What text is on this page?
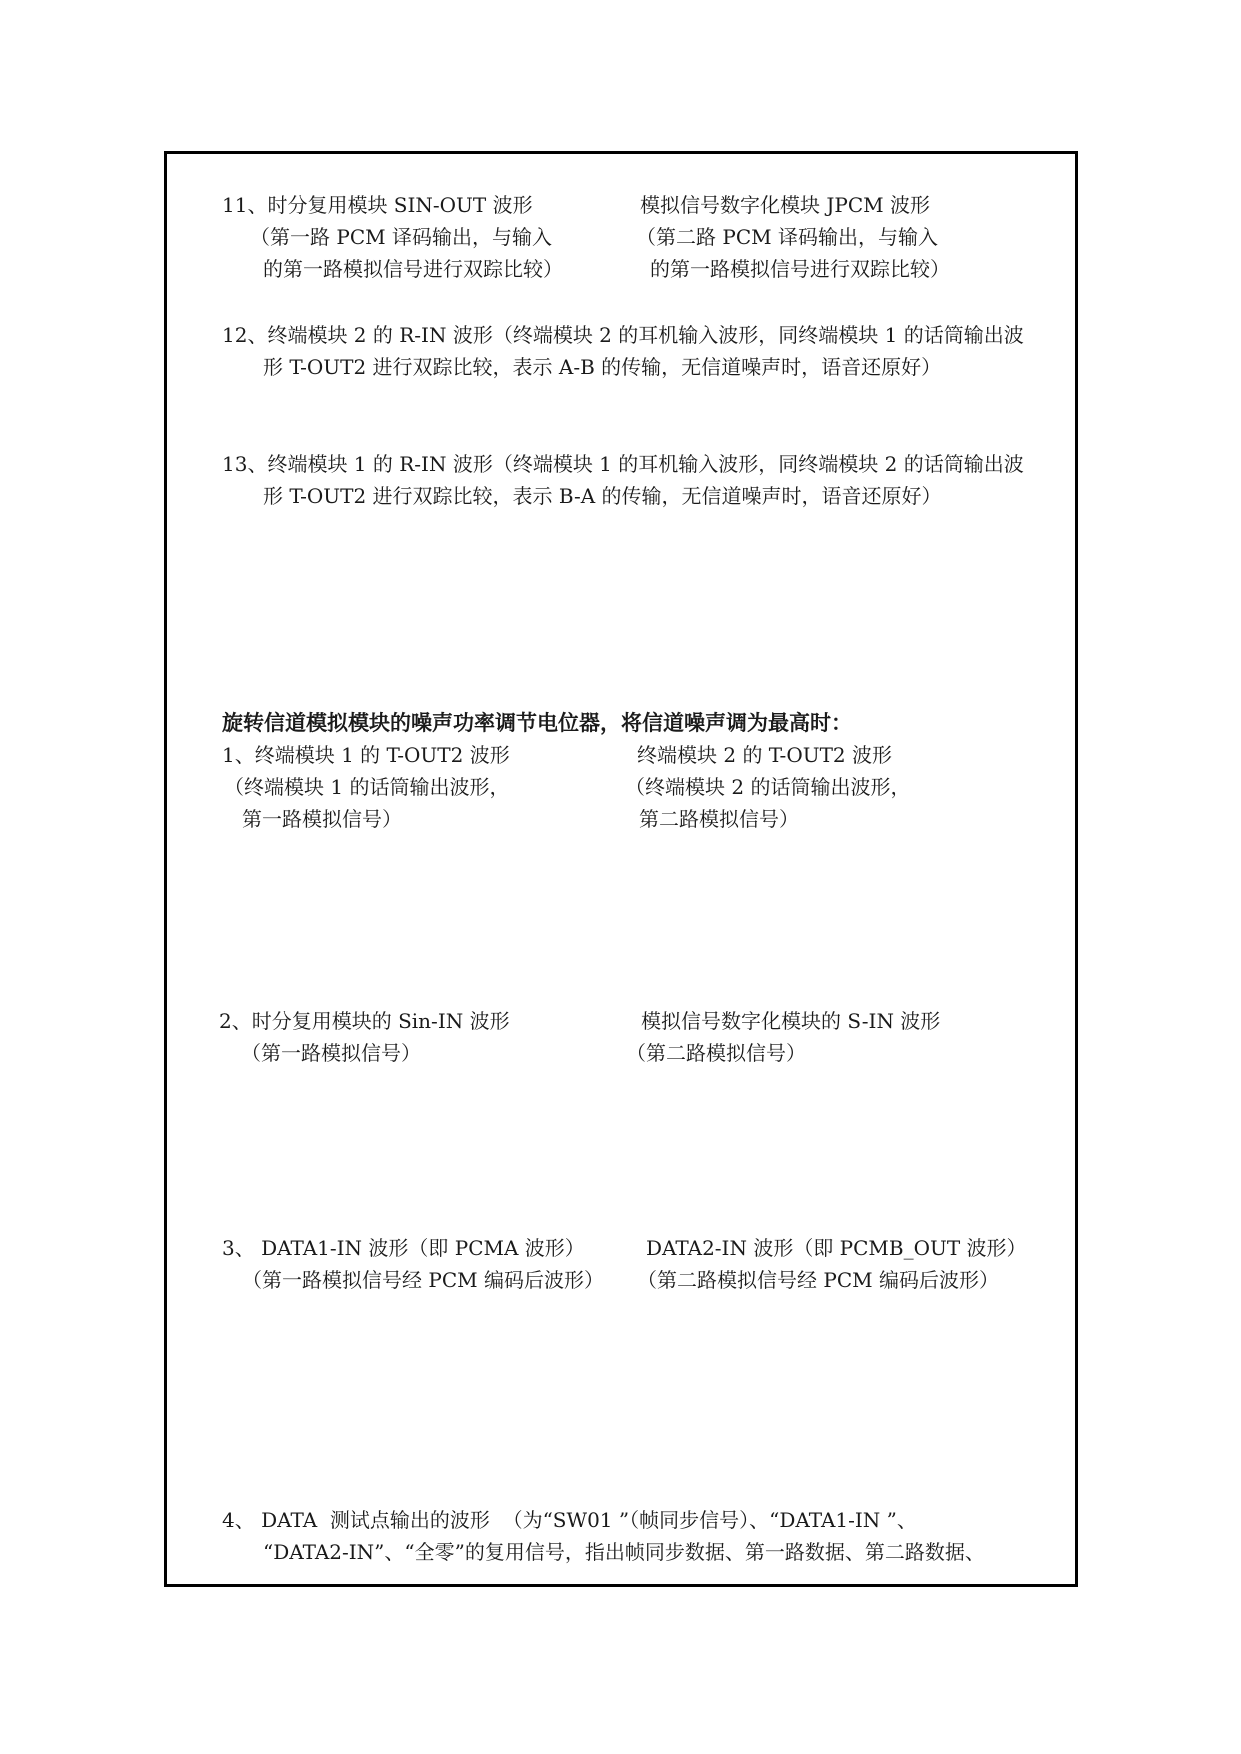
11、时分复用模块 SIN-OUT 波形
（第一路 PCM 译码输出，与输入
的第一路模拟信号进行双踪比较）
模拟信号数字化模块 JPCM 波形
（第二路 PCM 译码输出，与输入
的第一路模拟信号进行双踪比较）
12、终端模块 2 的 R-IN 波形（终端模块 2 的耳机输入波形，同终端模块 1 的话筒输出波
形 T-OUT2 进行双踪比较，表示 A-B 的传输，无信道噪声时，语音还原好）
13、终端模块 1 的 R-IN 波形（终端模块 1 的耳机输入波形，同终端模块 2 的话筒输出波
形 T-OUT2 进行双踪比较，表示 B-A 的传输，无信道噪声时，语音还原好）
旋转信道模拟模块的噪声功率调节电位器，将信道噪声调为最高时：
1、终端模块 1 的 T-OUT2 波形
（终端模块 1 的话筒输出波形，
第一路模拟信号）
终端模块 2 的 T-OUT2 波形
（终端模块 2 的话筒输出波形，
第二路模拟信号）
2、时分复用模块的 Sin-IN 波形
（第一路模拟信号）
模拟信号数字化模块的 S-IN 波形
（第二路模拟信号）
3、 DATA1-IN 波形（即 PCMA 波形）
（第一路模拟信号经 PCM 编码后波形）
DATA2-IN 波形（即 PCMB_OUT 波形）
（第二路模拟信号经 PCM 编码后波形）
4、 DATA  测试点输出的波形  （为“SW01 ”（帧同步信号）、“DATA1-IN ”、
“DATA2-IN”、“全零”的复用信号，指出帧同步数据、第一路数据、第二路数据、
